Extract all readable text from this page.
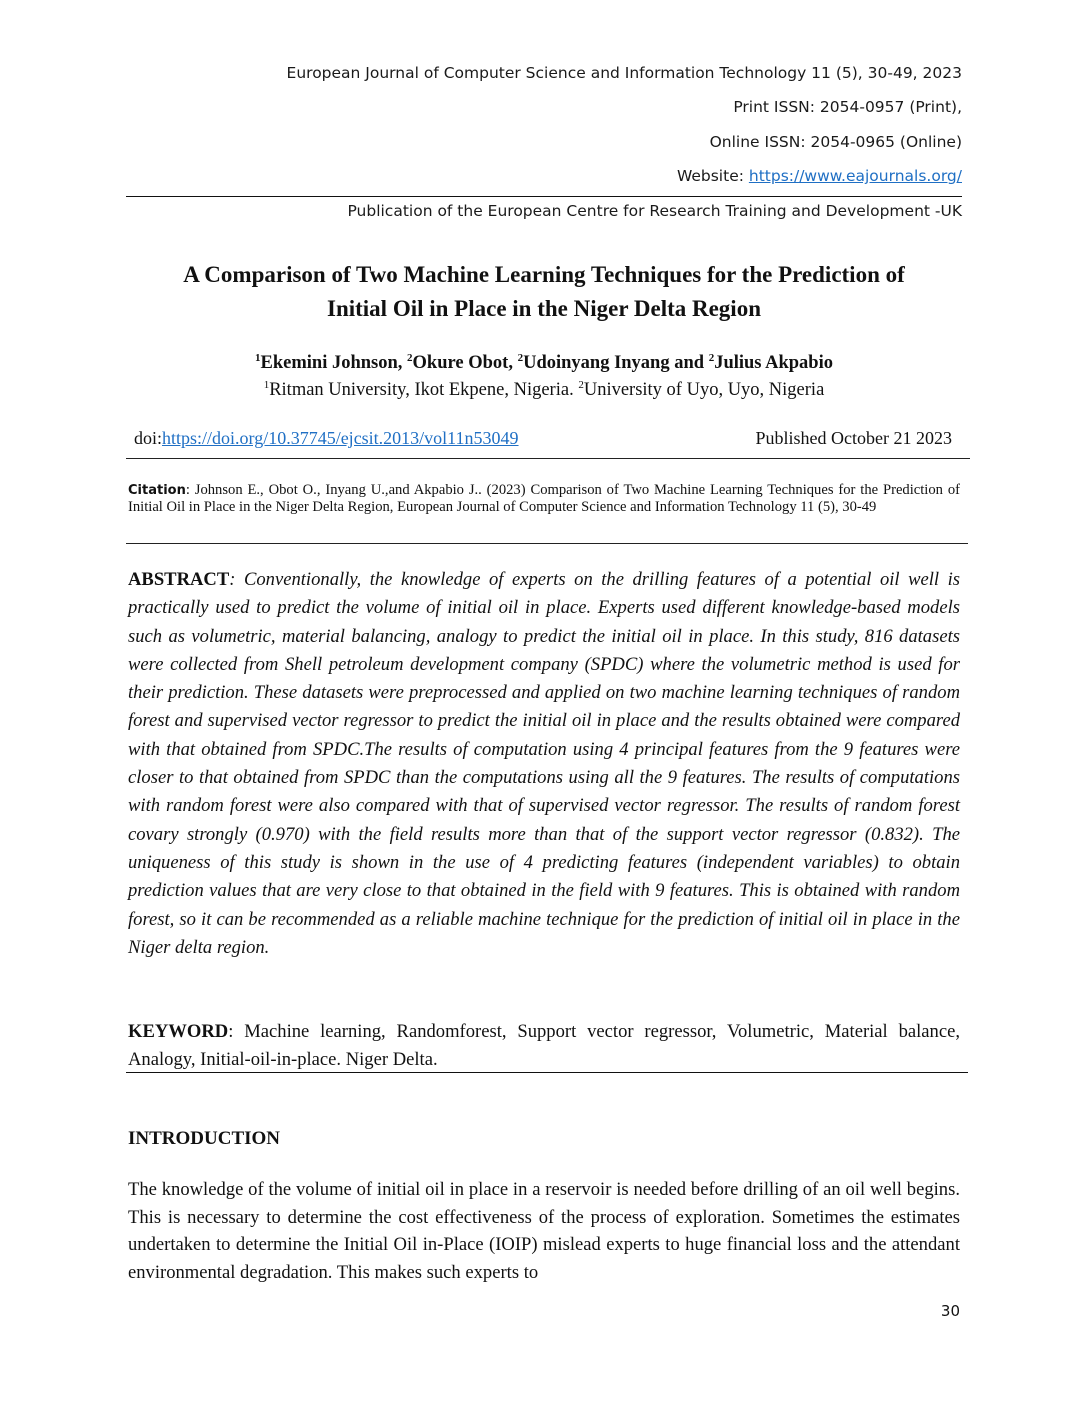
European Journal of Computer Science and Information Technology 11 (5), 30-49, 2023
Print ISSN: 2054-0957 (Print),
Online ISSN: 2054-0965 (Online)
Website: https://www.eajournals.org/
Publication of the European Centre for Research Training and Development -UK
A Comparison of Two Machine Learning Techniques for the Prediction of
Initial Oil in Place in the Niger Delta Region
$^1$Ekemini Johnson, $^2$Okure Obot, $^2$Udoinyang Inyang and $^2$Julius Akpabio
$^1$Ritman University, Ikot Ekpene, Nigeria. $^2$University of Uyo, Uyo, Nigeria
doi:https://doi.org/10.37745/ejcsit.2013/vol11n53049	Published October 21 2023
Citation: Johnson E., Obot O., Inyang U.,and Akpabio J.. (2023) Comparison of Two Machine Learning Techniques for the Prediction of Initial Oil in Place in the Niger Delta Region, European Journal of Computer Science and Information Technology 11 (5), 30-49
ABSTRACT: Conventionally, the knowledge of experts on the drilling features of a potential oil well is practically used to predict the volume of initial oil in place. Experts used different knowledge-based models such as volumetric, material balancing, analogy to predict the initial oil in place. In this study, 816 datasets were collected from Shell petroleum development company (SPDC) where the volumetric method is used for their prediction. These datasets were preprocessed and applied on two machine learning techniques of random forest and supervised vector regressor to predict the initial oil in place and the results obtained were compared with that obtained from SPDC.The results of computation using 4 principal features from the 9 features were closer to that obtained from SPDC than the computations using all the 9 features. The results of computations with random forest were also compared with that of supervised vector regressor. The results of random forest covary strongly (0.970) with the field results more than that of the support vector regressor (0.832). The uniqueness of this study is shown in the use of 4 predicting features (independent variables) to obtain prediction values that are very close to that obtained in the field with 9 features. This is obtained with random forest, so it can be recommended as a reliable machine technique for the prediction of initial oil in place in the Niger delta region.
KEYWORD: Machine learning, Randomforest, Support vector regressor, Volumetric, Material balance, Analogy, Initial-oil-in-place. Niger Delta.
INTRODUCTION
The knowledge of the volume of initial oil in place in a reservoir is needed before drilling of an oil well begins. This is necessary to determine the cost effectiveness of the process of exploration. Sometimes the estimates undertaken to determine the Initial Oil in-Place (IOIP) mislead experts to huge financial loss and the attendant environmental degradation. This makes such experts to
30
